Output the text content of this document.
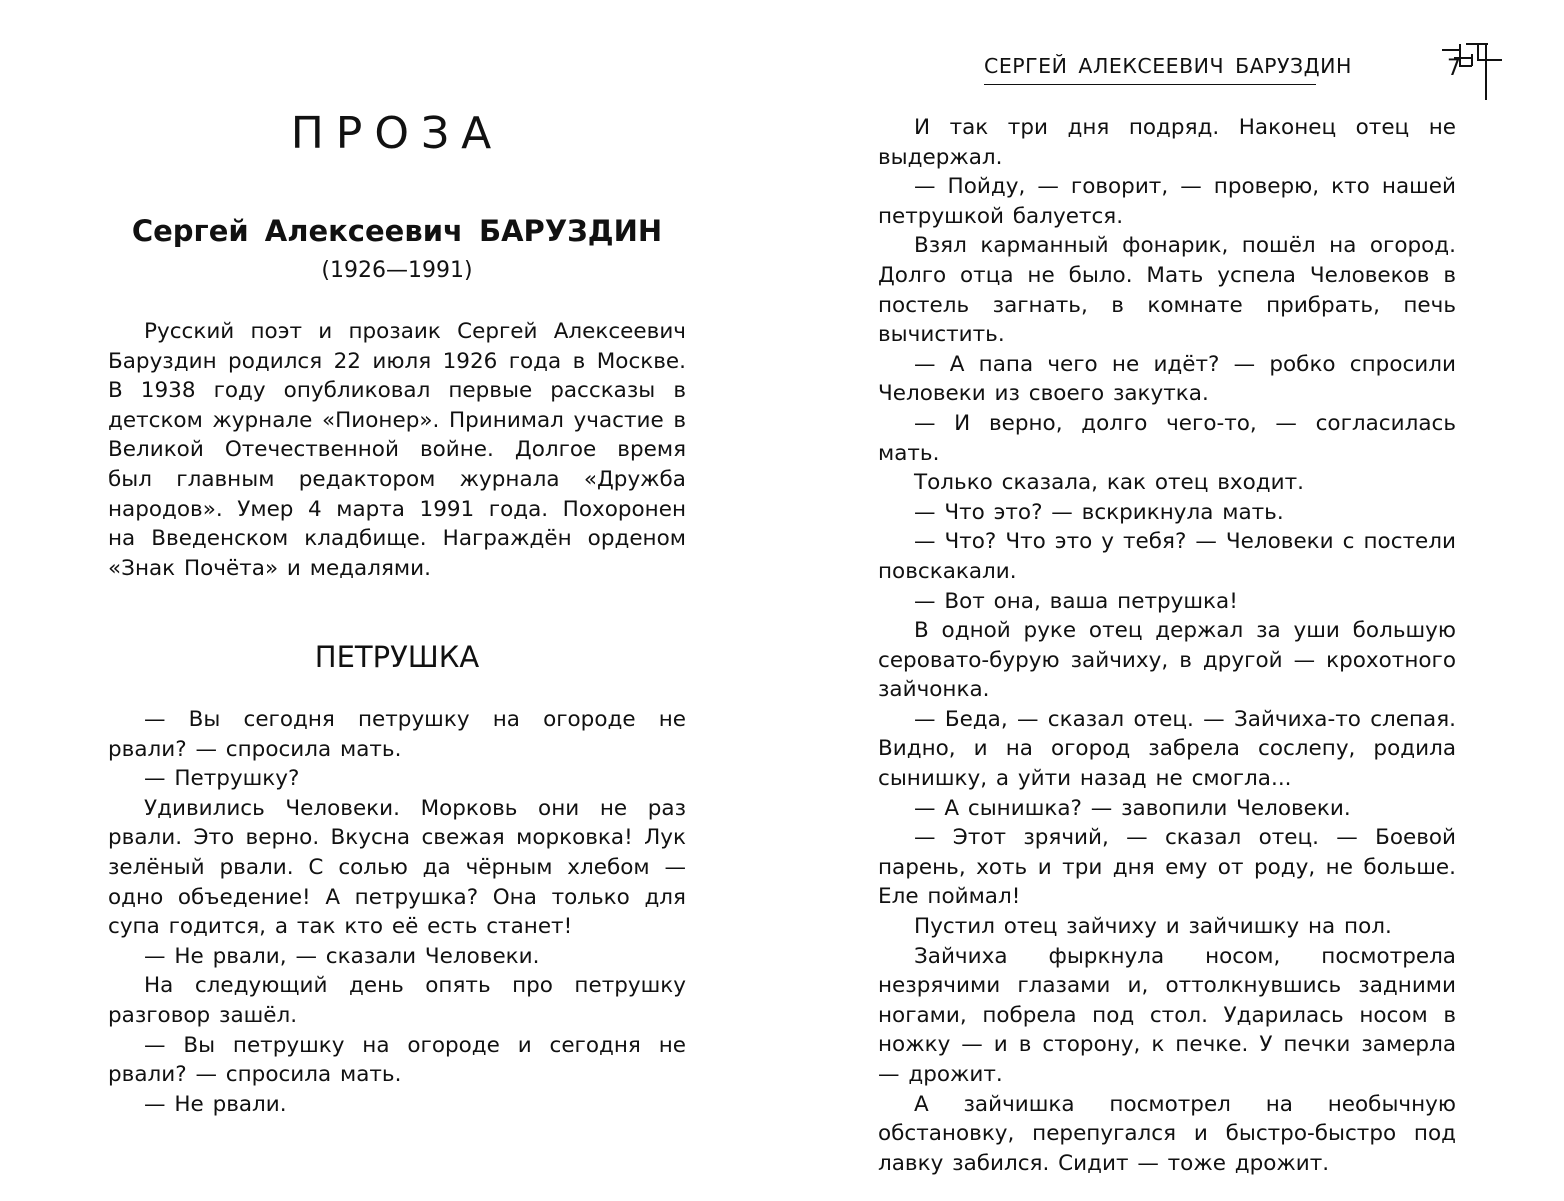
ПРОЗА
Сергей Алексеевич БАРУЗДИН
(1926—1991)

Русский поэт и прозаик Сергей Алексеевич Баруздин родился 22 июля 1926 года в Москве. В 1938 году опубликовал первые рассказы в детском журнале «Пионер». Принимал участие в Великой Отечественной войне. Долгое время был главным редактором журнала «Дружба народов». Умер 4 марта 1991 года. Похоронен на Введенском кладбище. Награждён орденом «Знак Почёта» и медалями.

ПЕТРУШКА

— Вы сегодня петрушку на огороде не рвали? — спросила мать.

— Петрушку?

Удивились Человеки. Морковь они не раз рвали. Это верно. Вкусна свежая морковка! Лук зелёный рвали. С солью да чёрным хлебом — одно объедение! А петрушка? Она только для супа годится, а так кто её есть станет!

— Не рвали, — сказали Человеки.

На следующий день опять про петрушку разговор зашёл.

— Вы петрушку на огороде и сегодня не рвали? — спросила мать.

— Не рвали.

СЕРГЕЙ АЛЕКСЕЕВИЧ БАРУЗДИН	7

И так три дня подряд. Наконец отец не выдержал.

— Пойду, — говорит, — проверю, кто нашей петрушкой балуется.

Взял карманный фонарик, пошёл на огород. Долго отца не было. Мать успела Человеков в постель загнать, в комнате прибрать, печь вычистить.

— А папа чего не идёт? — робко спросили Человеки из своего закутка.

— И верно, долго чего-то, — согласилась мать.

Только сказала, как отец входит.

— Что это? — вскрикнула мать.

— Что? Что это у тебя? — Человеки с постели повскакали.

— Вот она, ваша петрушка!

В одной руке отец держал за уши большую серовато-бурую зайчиху, в другой — крохотного зайчонка.

— Беда, — сказал отец. — Зайчиха-то слепая. Видно, и на огород забрела сослепу, родила сынишку, а уйти назад не смогла...

— А сынишка? — завопили Человеки.

— Этот зрячий, — сказал отец. — Боевой парень, хоть и три дня ему от роду, не больше. Еле поймал!

Пустил отец зайчиху и зайчишку на пол.

Зайчиха фыркнула носом, посмотрела незрячими глазами и, оттолкнувшись задними ногами, побрела под стол. Ударилась носом в ножку — и в сторону, к печке. У печки замерла — дрожит.

А зайчишка посмотрел на необычную обстановку, перепугался и быстро-быстро под лавку забился. Сидит — тоже дрожит.
